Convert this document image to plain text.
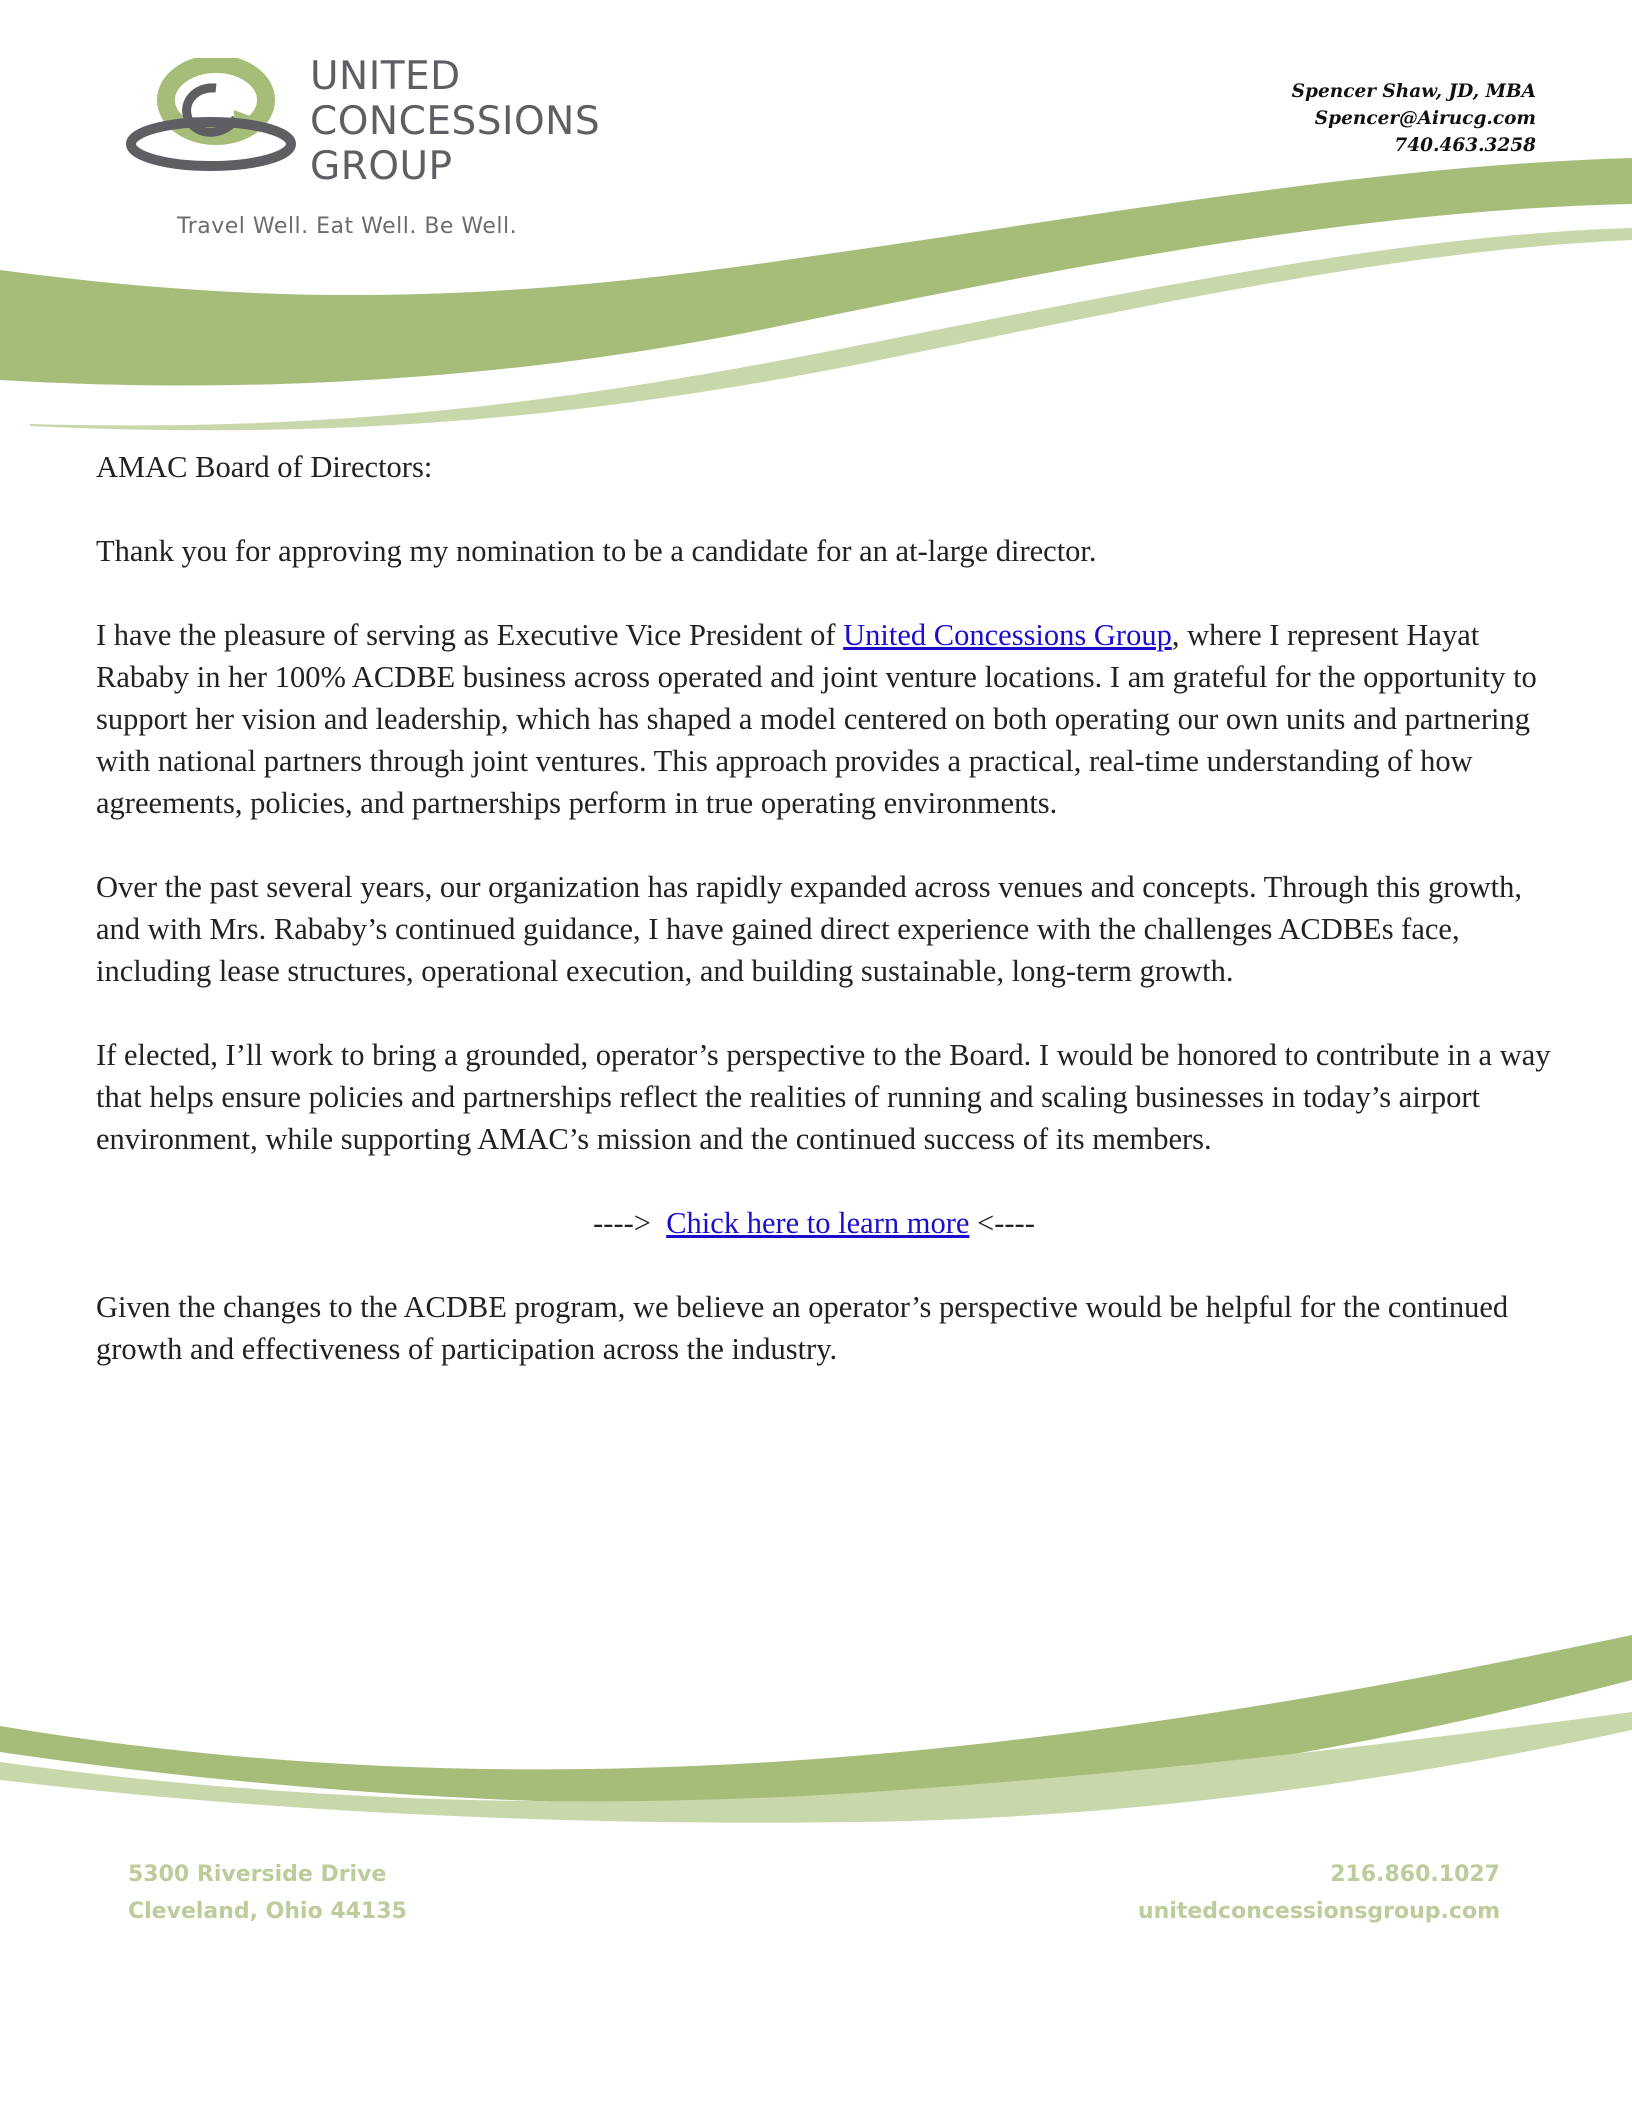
UNITED
CONCESSIONS
GROUP
Travel Well. Eat Well. Be Well.
Spencer Shaw, JD, MBA
Spencer@Airucg.com
740.463.3258

AMAC Board of Directors:

Thank you for approving my nomination to be a candidate for an at-large director.

I have the pleasure of serving as Executive Vice President of United Concessions Group, where I represent Hayat Rababy in her 100% ACDBE business across operated and joint venture locations. I am grateful for the opportunity to support her vision and leadership, which has shaped a model centered on both operating our own units and partnering with national partners through joint ventures. This approach provides a practical, real-time understanding of how agreements, policies, and partnerships perform in true operating environments.

Over the past several years, our organization has rapidly expanded across venues and concepts. Through this growth, and with Mrs. Rababy’s continued guidance, I have gained direct experience with the challenges ACDBEs face, including lease structures, operational execution, and building sustainable, long-term growth.

If elected, I’ll work to bring a grounded, operator’s perspective to the Board. I would be honored to contribute in a way that helps ensure policies and partnerships reflect the realities of running and scaling businesses in today’s airport environment, while supporting AMAC’s mission and the continued success of its members.

----> Chick here to learn more <----

Given the changes to the ACDBE program, we believe an operator’s perspective would be helpful for the continued growth and effectiveness of participation across the industry.

5300 Riverside Drive
Cleveland, Ohio 44135
216.860.1027
unitedconcessionsgroup.com
